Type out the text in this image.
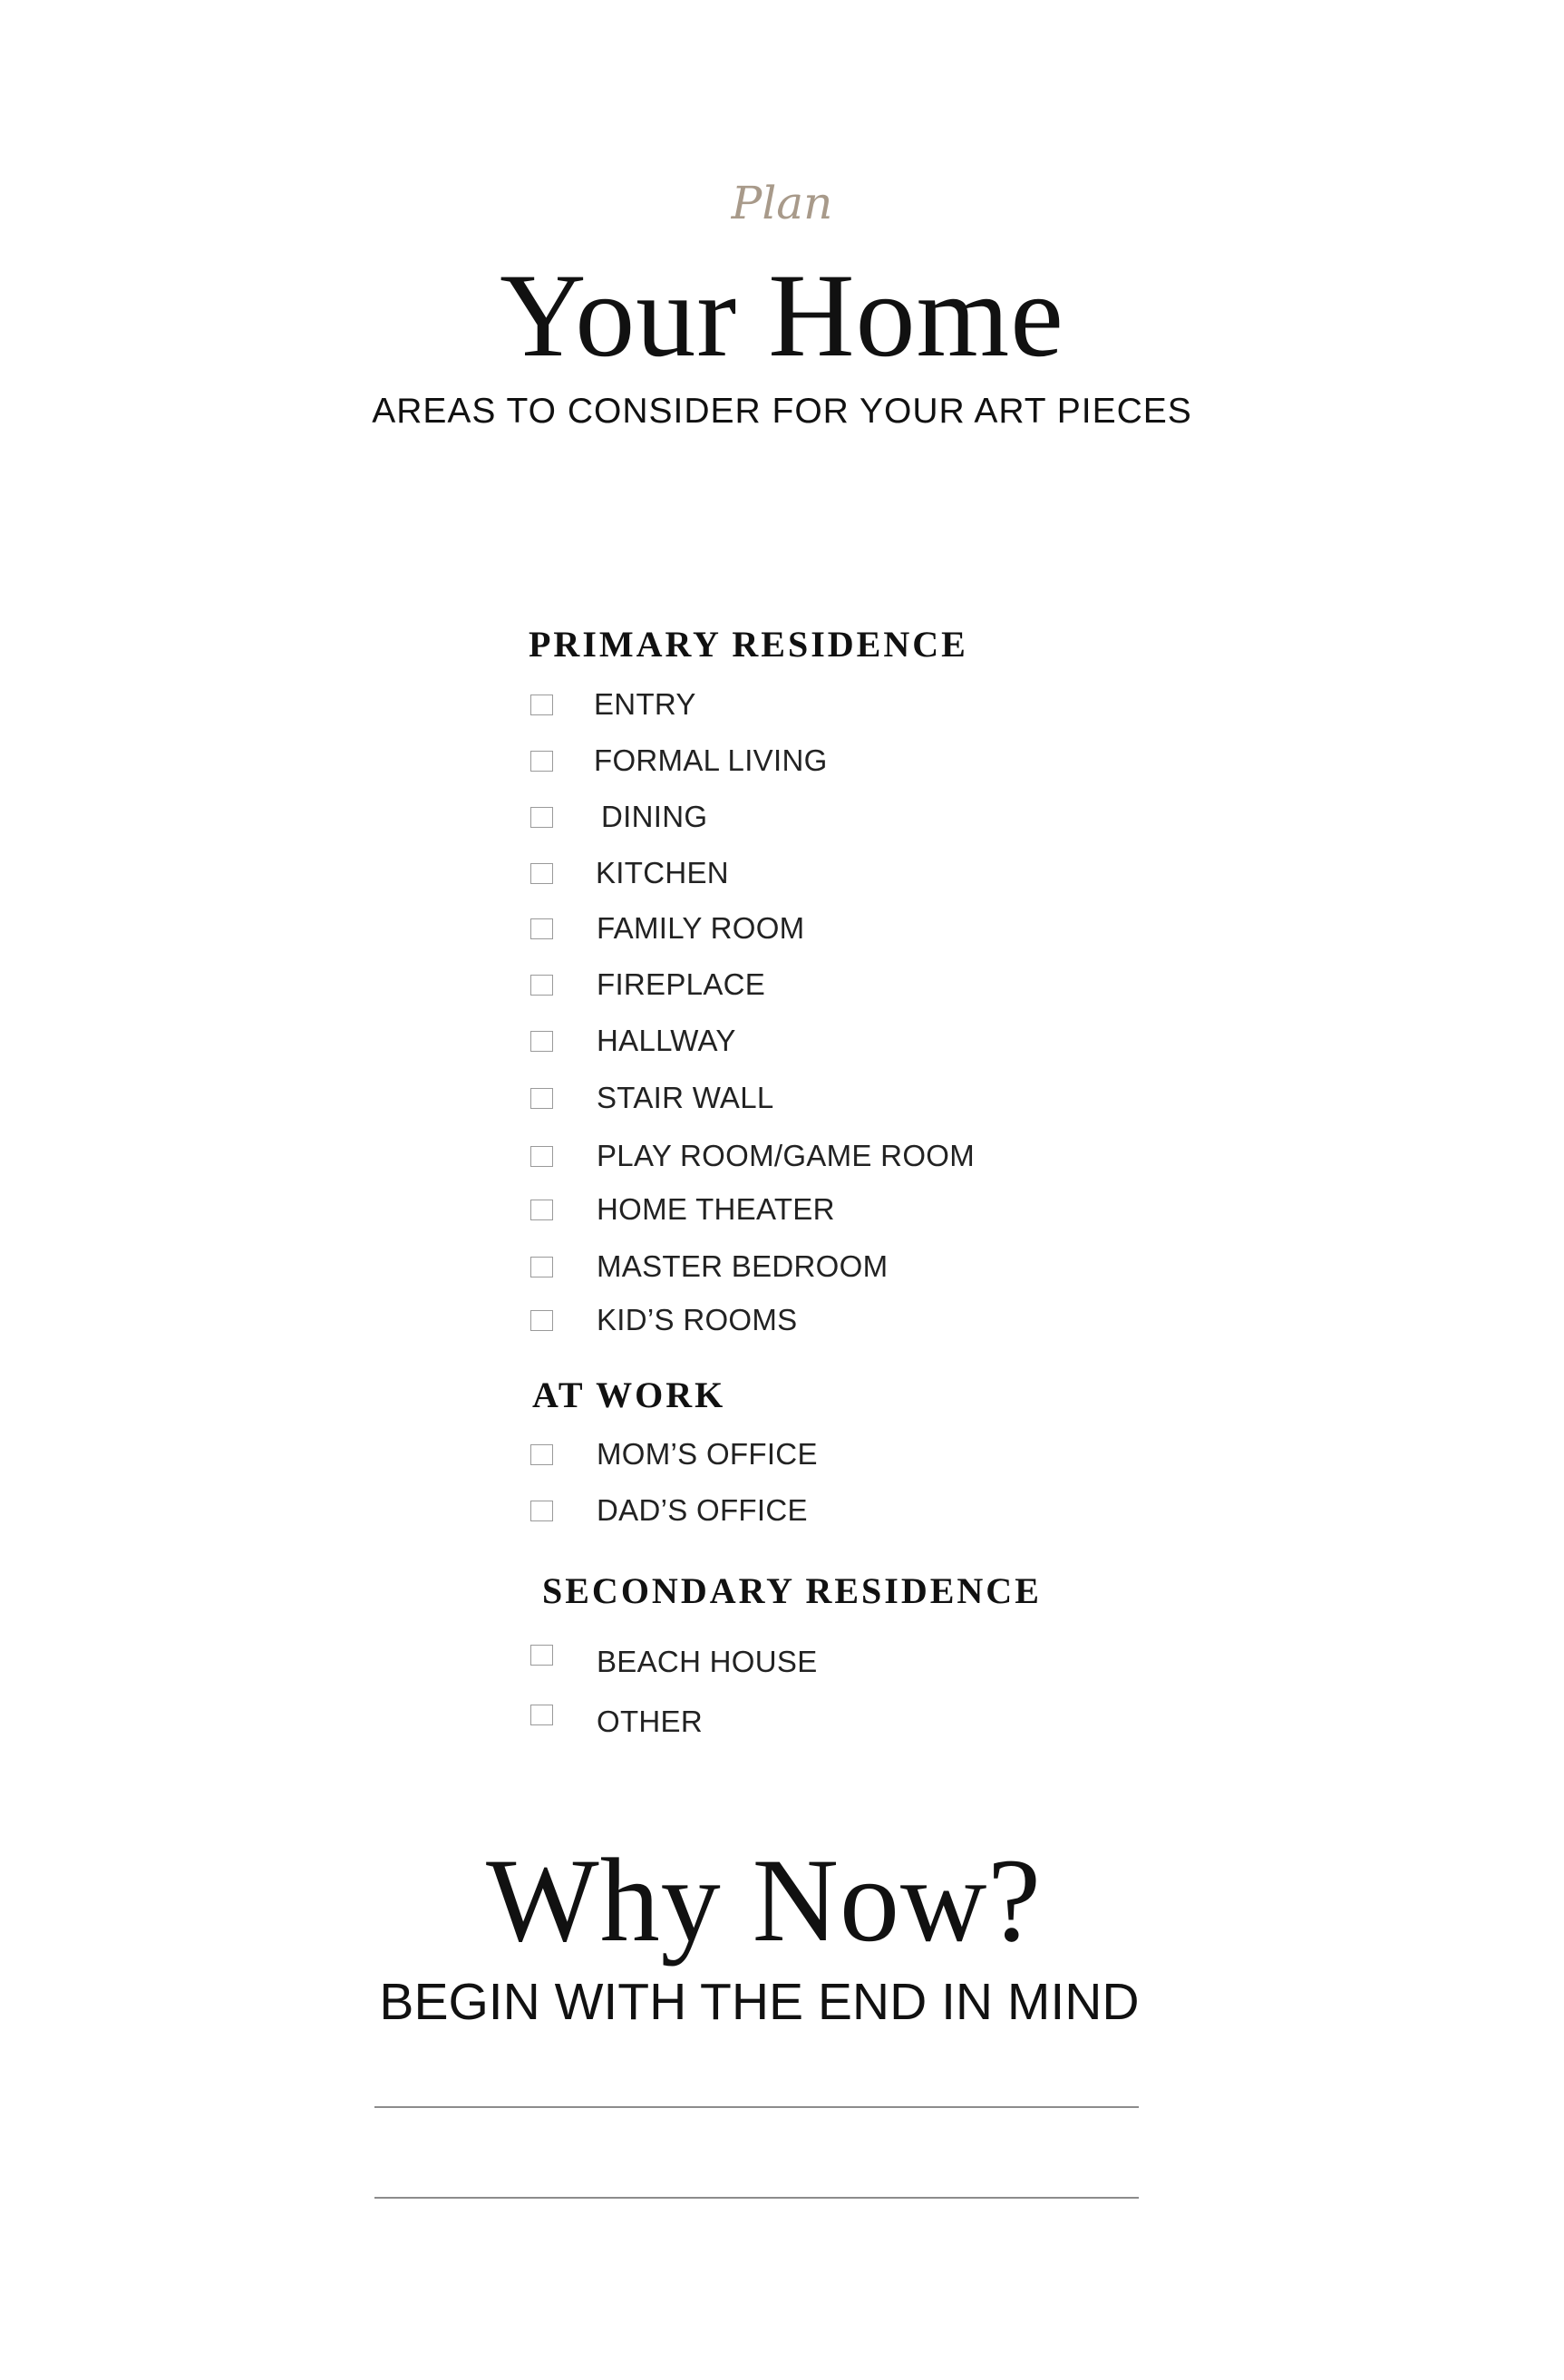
Plan
Your Home
AREAS TO CONSIDER FOR YOUR ART PIECES
PRIMARY RESIDENCE
ENTRY
FORMAL LIVING
DINING
KITCHEN
FAMILY ROOM
FIREPLACE
HALLWAY
STAIR WALL
PLAY ROOM/GAME ROOM
HOME THEATER
MASTER BEDROOM
KID’S ROOMS
AT WORK
MOM’S OFFICE
DAD’S OFFICE
SECONDARY RESIDENCE
BEACH HOUSE
OTHER
Why Now?
BEGIN WITH THE END IN MIND
